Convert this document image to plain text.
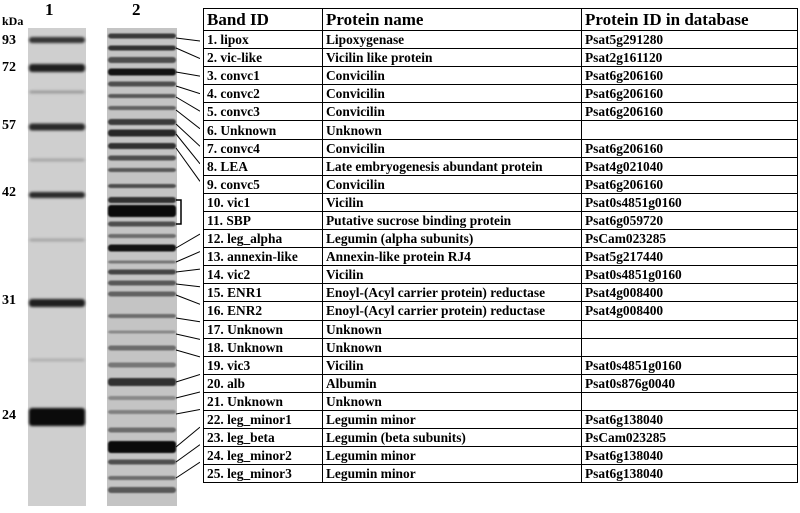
1	2
kDa
93
72
57
42
31
24
Band ID	Protein name	Protein ID in database
1. lipox	Lipoxygenase	Psat5g291280
2. vic-like	Vicilin like protein	Psat2g161120
3. convc1	Convicilin	Psat6g206160
4. convc2	Convicilin	Psat6g206160
5. convc3	Convicilin	Psat6g206160
6. Unknown	Unknown	
7. convc4	Convicilin	Psat6g206160
8. LEA	Late embryogenesis abundant protein	Psat4g021040
9. convc5	Convicilin	Psat6g206160
10. vic1	Vicilin	Psat0s4851g0160
11. SBP	Putative sucrose binding protein	Psat6g059720
12. leg_alpha	Legumin (alpha subunits)	PsCam023285
13. annexin-like	Annexin-like protein RJ4	Psat5g217440
14. vic2	Vicilin	Psat0s4851g0160
15. ENR1	Enoyl-(Acyl carrier protein) reductase	Psat4g008400
16. ENR2	Enoyl-(Acyl carrier protein) reductase	Psat4g008400
17. Unknown	Unknown	
18. Unknown	Unknown	
19. vic3	Vicilin	Psat0s4851g0160
20. alb	Albumin	Psat0s876g0040
21. Unknown	Unknown	
22. leg_minor1	Legumin minor	Psat6g138040
23. leg_beta	Legumin (beta subunits)	PsCam023285
24. leg_minor2	Legumin minor	Psat6g138040
25. leg_minor3	Legumin minor	Psat6g138040
